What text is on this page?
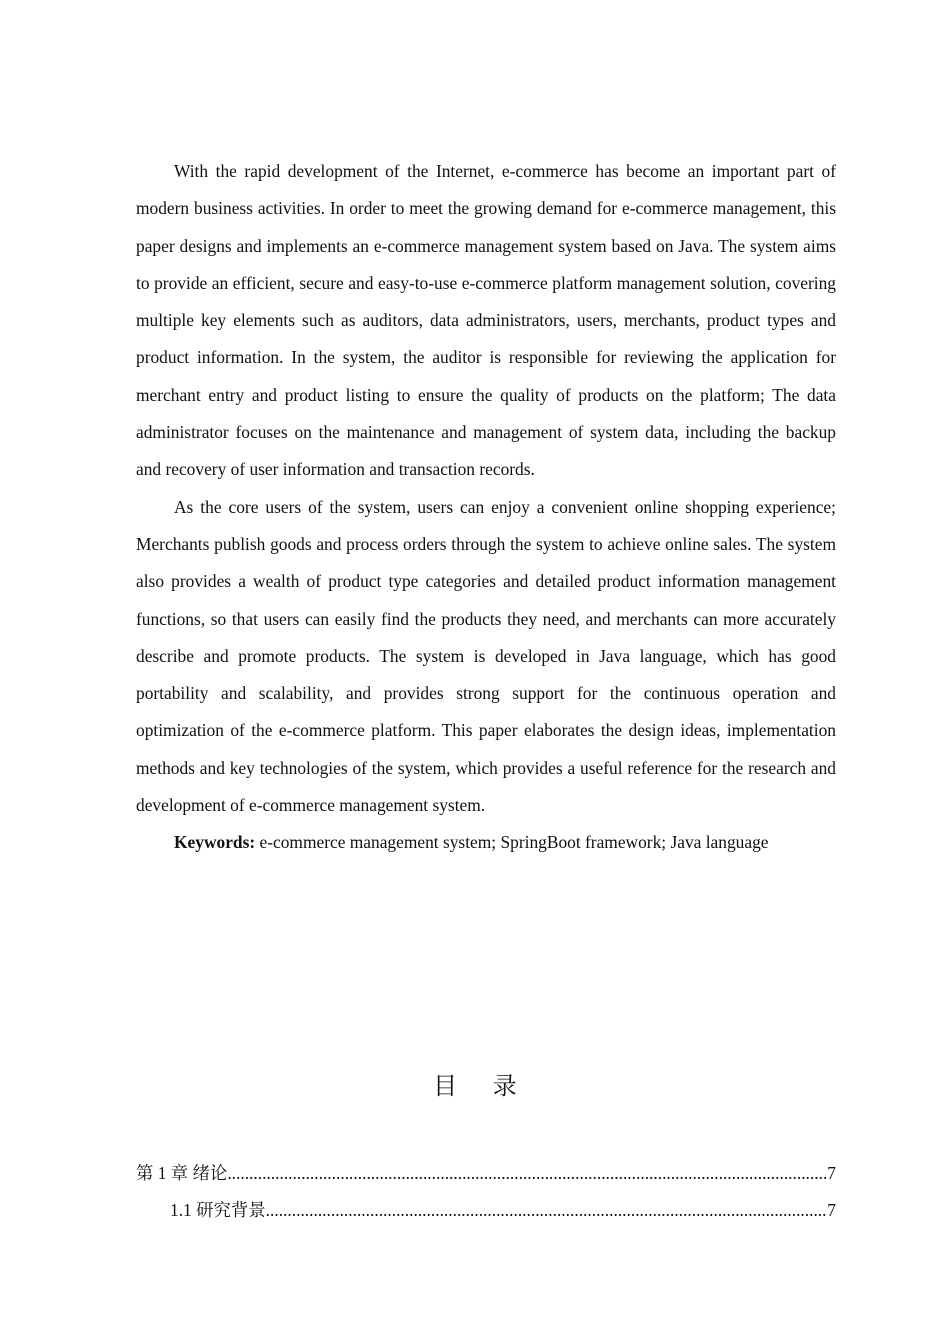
With the rapid development of the Internet, e-commerce has become an important part of modern business activities. In order to meet the growing demand for e-commerce management, this paper designs and implements an e-commerce management system based on Java. The system aims to provide an efficient, secure and easy-to-use e-commerce platform management solution, covering multiple key elements such as auditors, data administrators, users, merchants, product types and product information. In the system, the auditor is responsible for reviewing the application for merchant entry and product listing to ensure the quality of products on the platform; The data administrator focuses on the maintenance and management of system data, including the backup and recovery of user information and transaction records.

As the core users of the system, users can enjoy a convenient online shopping experience; Merchants publish goods and process orders through the system to achieve online sales. The system also provides a wealth of product type categories and detailed product information management functions, so that users can easily find the products they need, and merchants can more accurately describe and promote products. The system is developed in Java language, which has good portability and scalability, and provides strong support for the continuous operation and optimization of the e-commerce platform. This paper elaborates the design ideas, implementation methods and key technologies of the system, which provides a useful reference for the research and development of e-commerce management system.

Keywords: e-commerce management system; SpringBoot framework; Java language

目 录
第 1 章 绪论 .....	7
1.1 研究背景 .....	7
